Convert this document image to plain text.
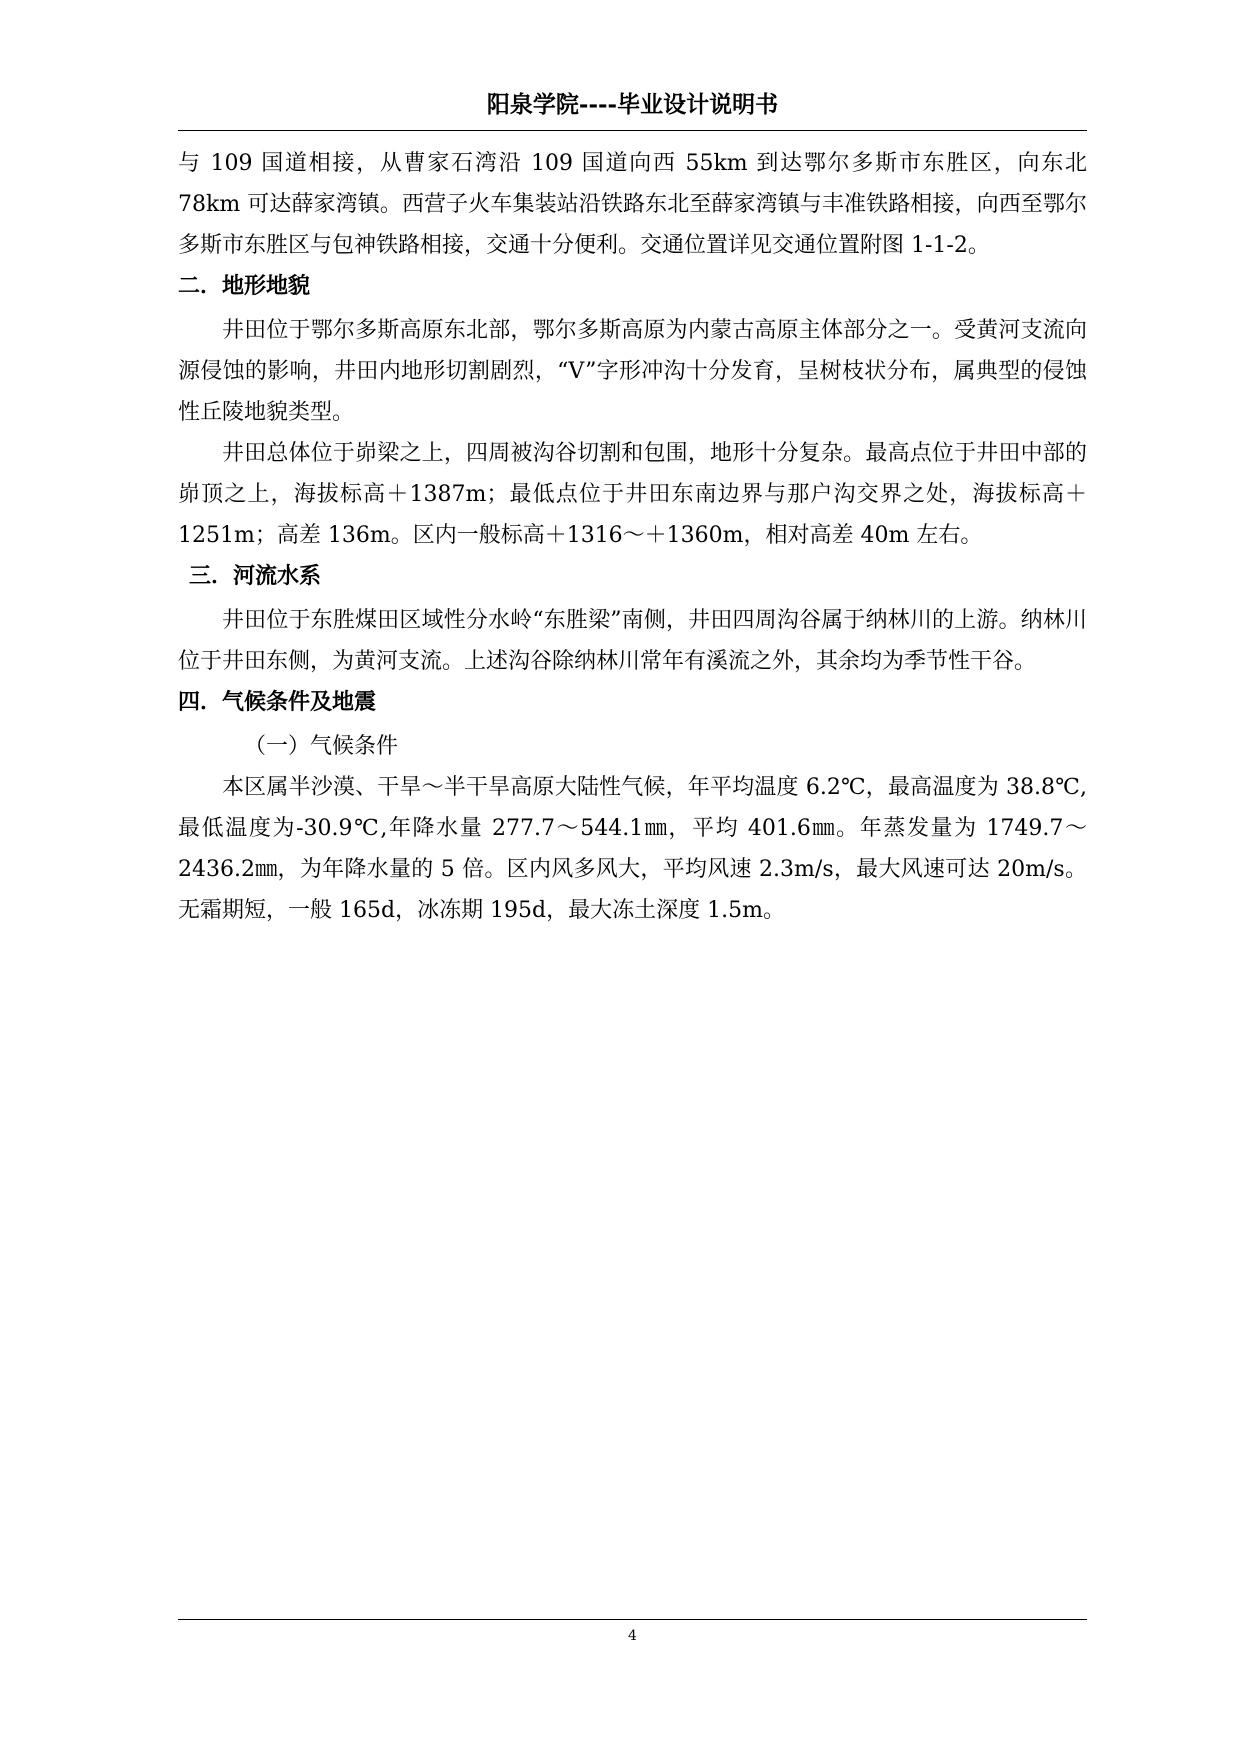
阳泉学院----毕业设计说明书

与 109 国道相接，从曹家石湾沿 109 国道向西 55km 到达鄂尔多斯市东胜区，向东北 78km 可达薛家湾镇。西营子火车集装站沿铁路东北至薛家湾镇与丰准铁路相接，向西至鄂尔多斯市东胜区与包神铁路相接，交通十分便利。交通位置详见交通位置附图 1-1-2。

二．地形地貌

井田位于鄂尔多斯高原东北部，鄂尔多斯高原为内蒙古高原主体部分之一。受黄河支流向源侵蚀的影响，井田内地形切割剧烈，“V”字形冲沟十分发育，呈树枝状分布，属典型的侵蚀性丘陵地貌类型。

井田总体位于峁梁之上，四周被沟谷切割和包围，地形十分复杂。最高点位于井田中部的峁顶之上，海拔标高＋1387m；最低点位于井田东南边界与那户沟交界之处，海拔标高＋1251m；高差 136m。区内一般标高＋1316～＋1360m，相对高差 40m 左右。

三．河流水系

井田位于东胜煤田区域性分水岭“东胜梁”南侧，井田四周沟谷属于纳林川的上游。纳林川位于井田东侧，为黄河支流。上述沟谷除纳林川常年有溪流之外，其余均为季节性干谷。

四．气候条件及地震

（一）气候条件

本区属半沙漠、干旱～半干旱高原大陆性气候，年平均温度 6.2℃，最高温度为 38.8℃,最低温度为-30.9℃,年降水量 277.7～544.1㎜，平均 401.6㎜。年蒸发量为 1749.7～2436.2㎜，为年降水量的 5 倍。区内风多风大，平均风速 2.3m/s，最大风速可达 20m/s。无霜期短，一般 165d，冰冻期 195d，最大冻土深度 1.5m。

4
